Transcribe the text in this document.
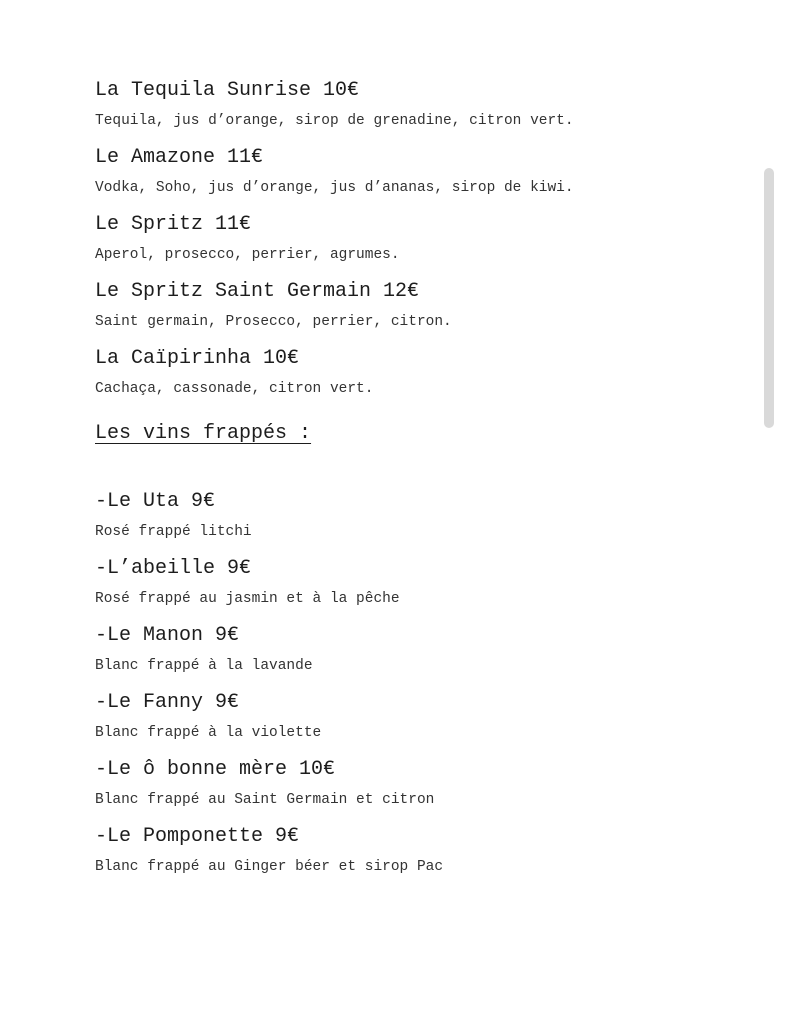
La Tequila Sunrise 10€
Tequila, jus d’orange, sirop de grenadine, citron vert.
Le Amazone 11€
Vodka, Soho, jus d’orange, jus d’ananas, sirop de kiwi.
Le Spritz 11€
Aperol, prosecco, perrier, agrumes.
Le Spritz Saint Germain 12€
Saint germain, Prosecco, perrier, citron.
La Caïpirinha 10€
Cachaça, cassonade, citron vert.
Les vins frappés :
-Le Uta 9€
Rosé frappé litchi
-L’abeille 9€
Rosé frappé au jasmin et à la pêche
-Le Manon 9€
Blanc frappé à la lavande
-Le Fanny 9€
Blanc frappé à la violette
-Le ô bonne mère 10€
Blanc frappé au Saint Germain et citron
-Le Pomponette 9€
Blanc frappé au Ginger béer et sirop Pac
